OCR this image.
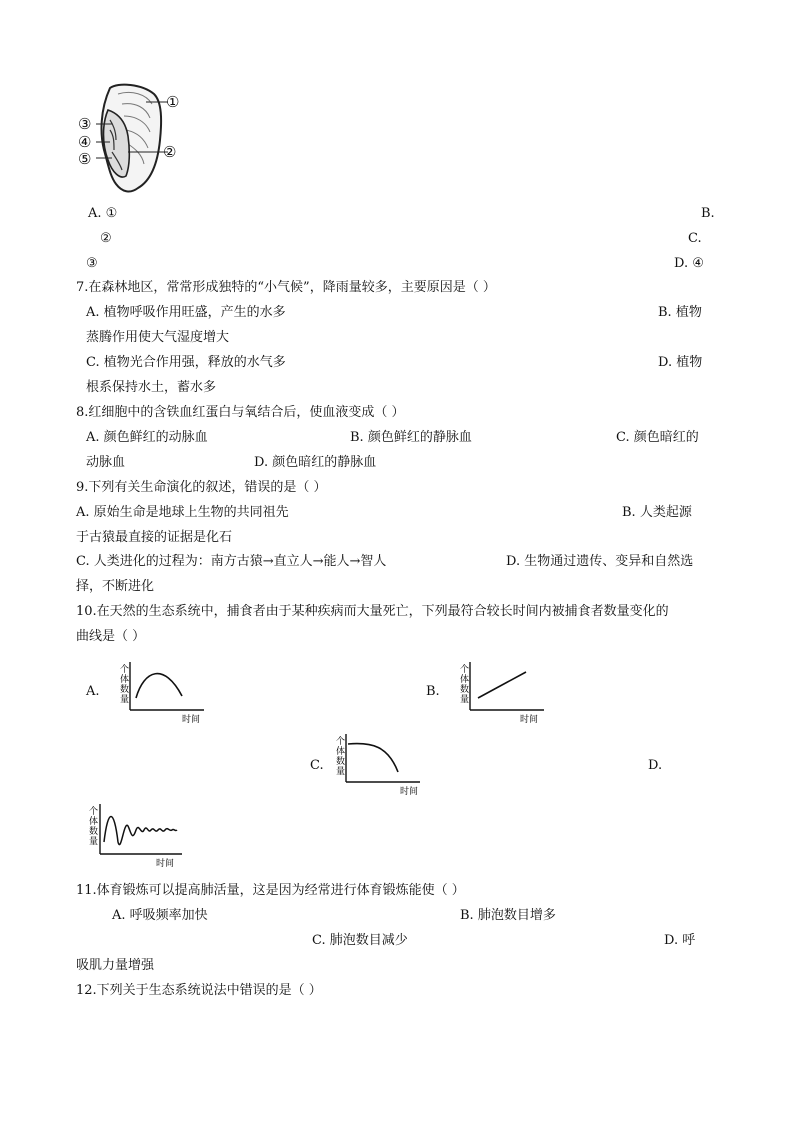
①
②
③
④
⑤
A. ①	B.
②	C.
③	D. ④
7.在森林地区，常常形成独特的“小气候”，降雨量较多，主要原因是（ ）
A. 植物呼吸作用旺盛，产生的水多	B. 植物
蒸腾作用使大气湿度增大
C. 植物光合作用强，释放的水气多	D. 植物
根系保持水土，蓄水多
8.红细胞中的含铁血红蛋白与氧结合后，使血液变成（ ）
A. 颜色鲜红的动脉血	B. 颜色鲜红的静脉血	C. 颜色暗红的
动脉血	D. 颜色暗红的静脉血
9.下列有关生命演化的叙述，错误的是（ ）
A. 原始生命是地球上生物的共同祖先	B. 人类起源
于古猿最直接的证据是化石
C. 人类进化的过程为：南方古猿→直立人→能人→智人	D. 生物通过遗传、变异和自然选
择，不断进化
10.在天然的生态系统中，捕食者由于某种疾病而大量死亡，下列最符合较长时间内被捕食者数量变化的
曲线是（ ）
A.
个
体
数
量
时间
B.
个
体
数
量
时间
C.
个
体
数
量
时间
D.
个
体
数
量
时间
11.体育锻炼可以提高肺活量，这是因为经常进行体育锻炼能使（ ）
A. 呼吸频率加快	B. 肺泡数目增多
C. 肺泡数目减少	D. 呼
吸肌力量增强
12.下列关于生态系统说法中错误的是（ ）
